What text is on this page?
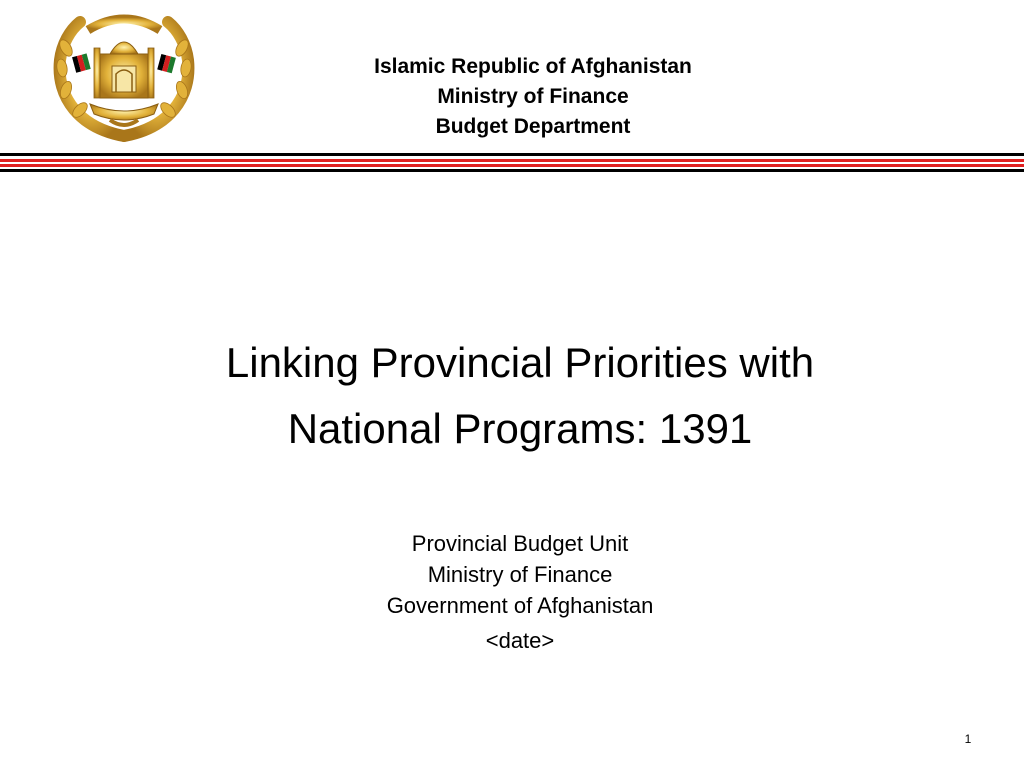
Islamic Republic of Afghanistan
Ministry of Finance
Budget Department
Linking Provincial Priorities with
National Programs: 1391
Provincial Budget Unit
Ministry of Finance
Government of Afghanistan
<date>
1
